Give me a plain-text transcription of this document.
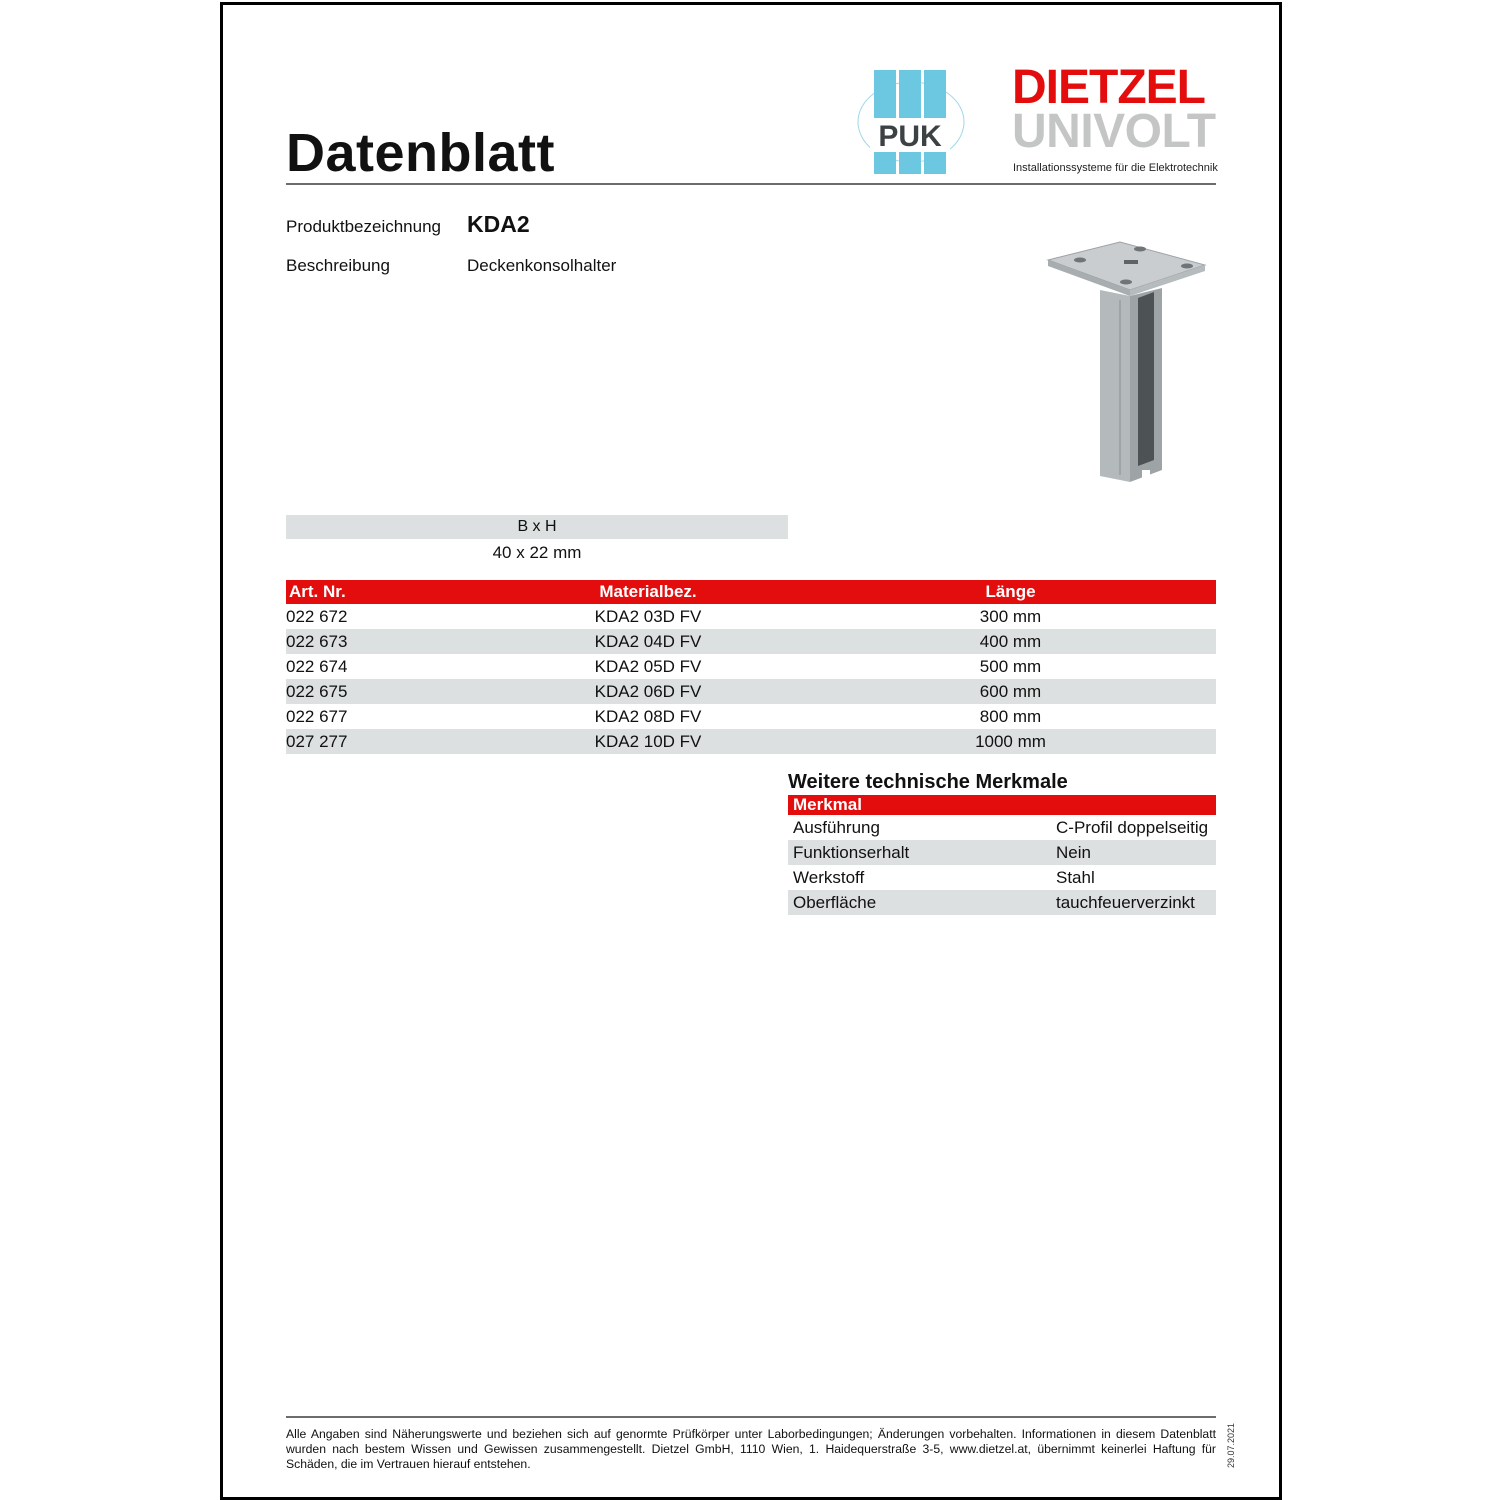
Datenblatt	PUK
DIETZEL
UNIVOLT
Installationssysteme für die Elektrotechnik
Produktbezeichnung KDA2
Beschreibung	Deckenkonsolhalter
B x H
40 x 22 mm
Art. Nr.	Materialbez.	Länge
022 672	KDA2 03D FV	300 mm
022 673	KDA2 04D FV	400 mm
022 674	KDA2 05D FV	500 mm
022 675	KDA2 06D FV	600 mm
022 677	KDA2 08D FV	800 mm
027 277	KDA2 10D FV	1000 mm
Weitere technische Merkmale
Merkmal	
Ausführung	C-Profil doppelseitig
Funktionserhalt	Nein
Werkstoff	Stahl
Oberfläche	tauchfeuerverzinkt
Alle Angaben sind Näherungswerte und beziehen sich auf genormte Prüfkörper unter Laborbedingungen; Änderungen vorbehalten. Informationen in diesem Datenblatt
wurden nach bestem Wissen und Gewissen zusammengestellt. Dietzel GmbH, 1110 Wien, 1. Haidequerstraße 3-5, www.dietzel.at, übernimmt keinerlei Haftung für
Schäden, die im Vertrauen hierauf entstehen.	29.07.2021
